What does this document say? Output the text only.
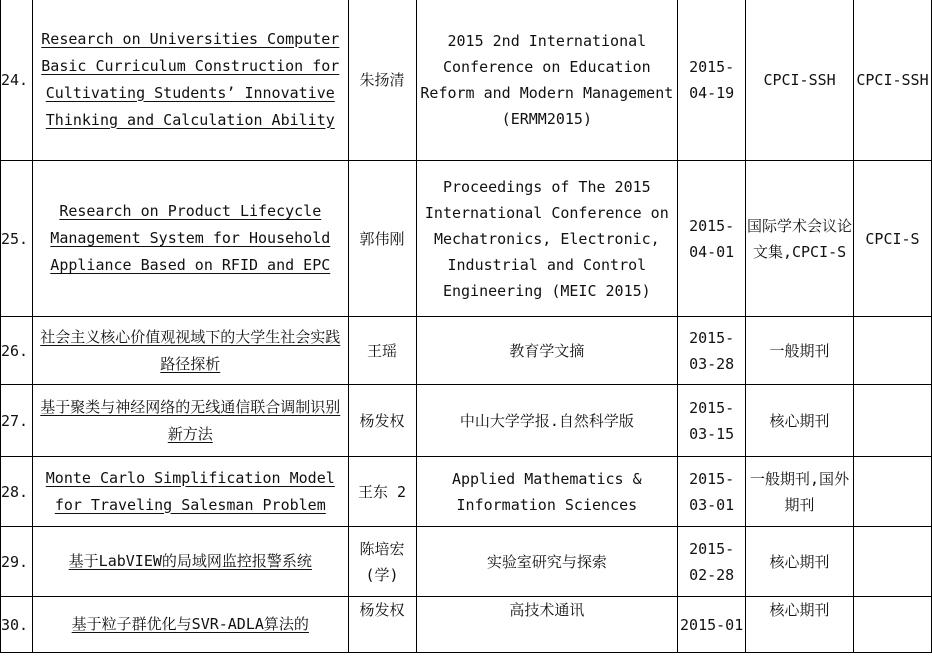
24.	Research on Universities Computer Basic Curriculum Construction for Cultivating Students’ Innovative Thinking and Calculation Ability	朱扬清	2015 2nd International Conference on Education Reform and Modern Management (ERMM2015)	2015-04-19	CPCI-SSH	CPCI-SSH
25.	Research on Product Lifecycle Management System for Household Appliance Based on RFID and EPC	郭伟刚	Proceedings of The 2015 International Conference on Mechatronics, Electronic, Industrial and Control Engineering (MEIC 2015)	2015-04-01	国际学术会议论文集,CPCI-S	CPCI-S
26.	社会主义核心价值观视域下的大学生社会实践路径探析	王瑶	教育学文摘	2015-03-28	一般期刊	
27.	基于聚类与神经网络的无线通信联合调制识别新方法	杨发权	中山大学学报.自然科学版	2015-03-15	核心期刊	
28.	Monte Carlo Simplification Model for Traveling Salesman Problem	王东 2	Applied Mathematics & Information Sciences	2015-03-01	一般期刊,国外期刊	
29.	基于LabVIEW的局域网监控报警系统	陈培宏(学)	实验室研究与探索	2015-02-28	核心期刊	
30.	基于粒子群优化与SVR-ADLA算法的	杨发权	高技术通讯	2015-01	核心期刊	
